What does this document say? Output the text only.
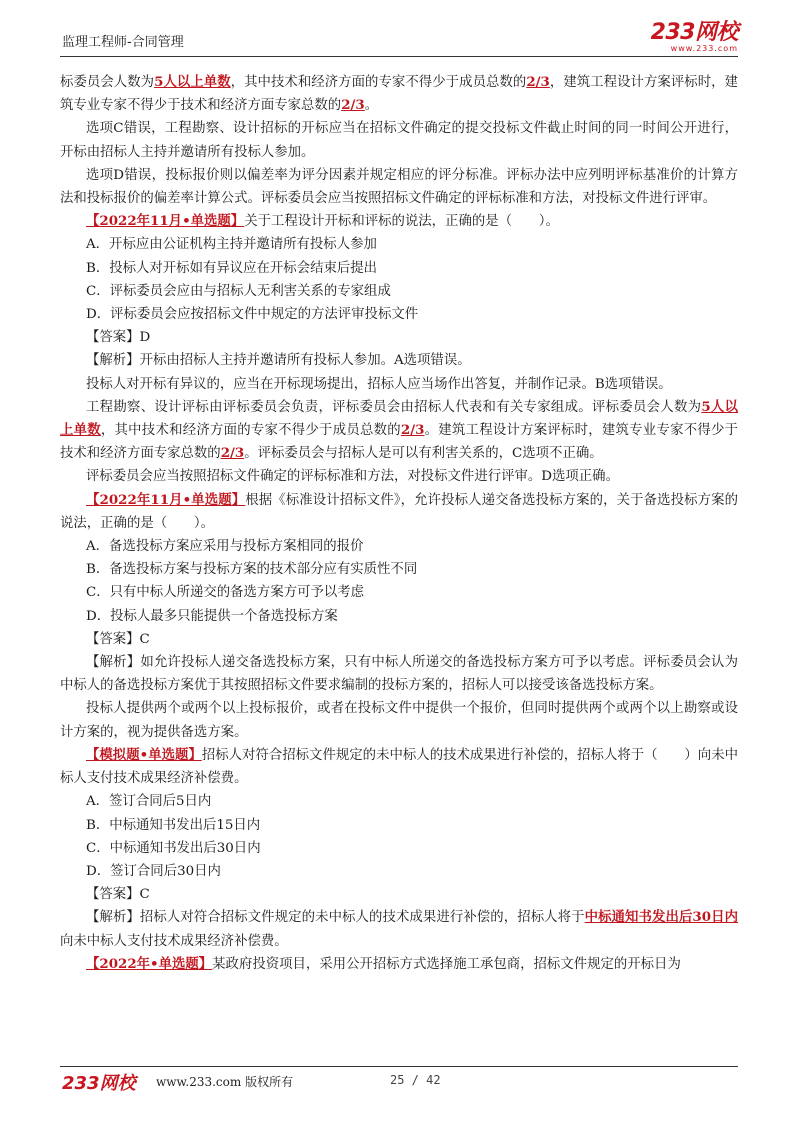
监理工程师-合同管理	233网校
www.233.com

标委员会人数为5人以上单数，其中技术和经济方面的专家不得少于成员总数的2/3，建筑工程设计方案评标时，建筑专业专家不得少于技术和经济方面专家总数的2/3。

选项C错误，工程勘察、设计招标的开标应当在招标文件确定的提交投标文件截止时间的同一时间公开进行，开标由招标人主持并邀请所有投标人参加。

选项D错误，投标报价则以偏差率为评分因素并规定相应的评分标准。评标办法中应列明评标基准价的计算方法和投标报价的偏差率计算公式。评标委员会应当按照招标文件确定的评标标准和方法，对投标文件进行评审。

【2022年11月•单选题】关于工程设计开标和评标的说法，正确的是（　　）。

A．开标应由公证机构主持并邀请所有投标人参加

B．投标人对开标如有异议应在开标会结束后提出

C．评标委员会应由与招标人无利害关系的专家组成

D．评标委员会应按招标文件中规定的方法评审投标文件

【答案】D

【解析】开标由招标人主持并邀请所有投标人参加。A选项错误。

投标人对开标有异议的，应当在开标现场提出，招标人应当场作出答复，并制作记录。B选项错误。

工程勘察、设计评标由评标委员会负责，评标委员会由招标人代表和有关专家组成。评标委员会人数为5人以上单数，其中技术和经济方面的专家不得少于成员总数的2/3。建筑工程设计方案评标时，建筑专业专家不得少于技术和经济方面专家总数的2/3。评标委员会与招标人是可以有利害关系的，C选项不正确。

评标委员会应当按照招标文件确定的评标标准和方法，对投标文件进行评审。D选项正确。

【2022年11月•单选题】根据《标准设计招标文件》，允许投标人递交备选投标方案的，关于备选投标方案的说法，正确的是（　　）。

A．备选投标方案应采用与投标方案相同的报价

B．备选投标方案与投标方案的技术部分应有实质性不同

C．只有中标人所递交的备选方案方可予以考虑

D．投标人最多只能提供一个备选投标方案

【答案】C

【解析】如允许投标人递交备选投标方案，只有中标人所递交的备选投标方案方可予以考虑。评标委员会认为中标人的备选投标方案优于其按照招标文件要求编制的投标方案的，招标人可以接受该备选投标方案。

投标人提供两个或两个以上投标报价，或者在投标文件中提供一个报价，但同时提供两个或两个以上勘察或设计方案的，视为提供备选方案。

【模拟题•单选题】招标人对符合招标文件规定的未中标人的技术成果进行补偿的，招标人将于（　　）向未中标人支付技术成果经济补偿费。

A．签订合同后5日内

B．中标通知书发出后15日内

C．中标通知书发出后30日内

D．签订合同后30日内

【答案】C

【解析】招标人对符合招标文件规定的未中标人的技术成果进行补偿的，招标人将于中标通知书发出后30日内向未中标人支付技术成果经济补偿费。

【2022年•单选题】某政府投资项目，采用公开招标方式选择施工承包商，招标文件规定的开标日为

233网校 www.233.com 版权所有	25 / 42
